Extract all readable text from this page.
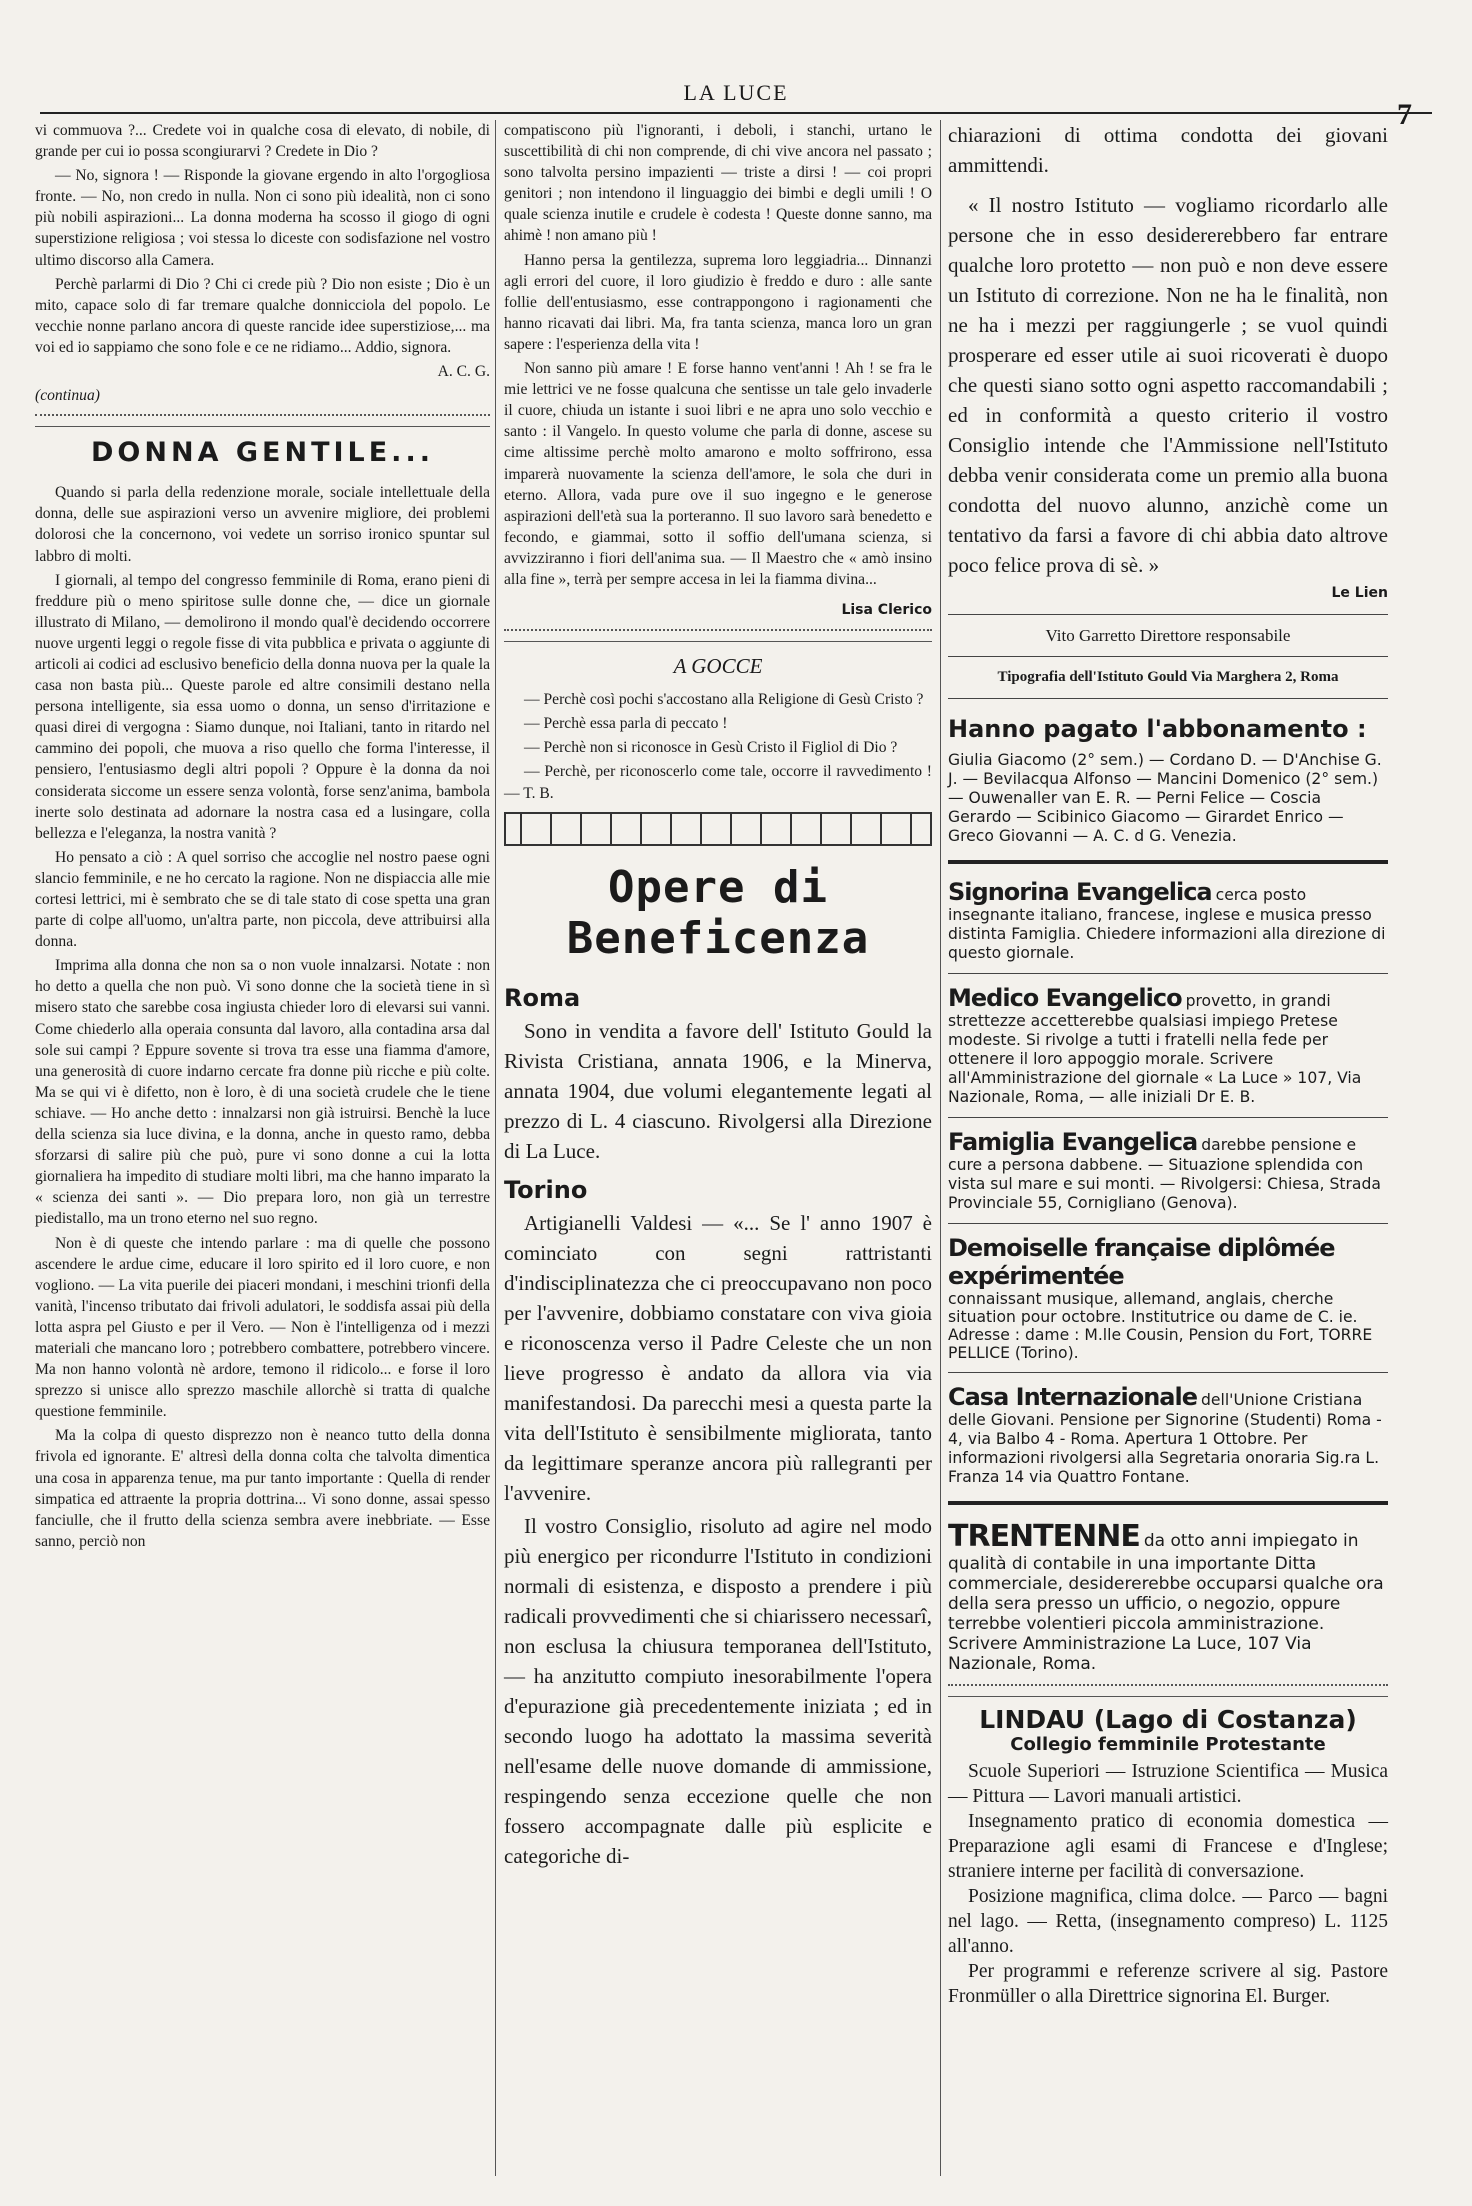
LA LUCE
7

vi commuova ?... Credete voi in qualche cosa di elevato, di nobile, di grande per cui io possa scongiurarvi ? Credete in Dio ?

— No, signora ! — Risponde la giovane ergendo in alto l'orgogliosa fronte. — No, non credo in nulla. Non ci sono più idealità, non ci sono più nobili aspirazioni... La donna moderna ha scosso il giogo di ogni superstizione religiosa ; voi stessa lo diceste con sodisfazione nel vostro ultimo discorso alla Camera.

Perchè parlarmi di Dio ? Chi ci crede più ? Dio non esiste ; Dio è un mito, capace solo di far tremare qualche donnicciola del popolo. Le vecchie nonne parlano ancora di queste rancide idee superstiziose,... ma voi ed io sappiamo che sono fole e ce ne ridiamo... Addio, signora.

A. C. G.

(continua)

DONNA GENTILE...

Quando si parla della redenzione morale, sociale intellettuale della donna, delle sue aspirazioni verso un avvenire migliore, dei problemi dolorosi che la concernono, voi vedete un sorriso ironico spuntar sul labbro di molti.

I giornali, al tempo del congresso femminile di Roma, erano pieni di freddure più o meno spiritose sulle donne che, — dice un giornale illustrato di Milano, — demolirono il mondo qual'è decidendo occorrere nuove urgenti leggi o regole fisse di vita pubblica e privata o aggiunte di articoli ai codici ad esclusivo beneficio della donna nuova per la quale la casa non basta più... Queste parole ed altre consimili destano nella persona intelligente, sia essa uomo o donna, un senso d'irritazione e quasi direi di vergogna : Siamo dunque, noi Italiani, tanto in ritardo nel cammino dei popoli, che muova a riso quello che forma l'interesse, il pensiero, l'entusiasmo degli altri popoli ? Oppure è la donna da noi considerata siccome un essere senza volontà, forse senz'anima, bambola inerte solo destinata ad adornare la nostra casa ed a lusingare, colla bellezza e l'eleganza, la nostra vanità ?

Ho pensato a ciò : A quel sorriso che accoglie nel nostro paese ogni slancio femminile, e ne ho cercato la ragione. Non ne dispiaccia alle mie cortesi lettrici, mi è sembrato che se di tale stato di cose spetta una gran parte di colpe all'uomo, un'altra parte, non piccola, deve attribuirsi alla donna.

Imprima alla donna che non sa o non vuole innalzarsi. Notate : non ho detto a quella che non può. Vi sono donne che la società tiene in sì misero stato che sarebbe cosa ingiusta chieder loro di elevarsi sui vanni. Come chiederlo alla operaia consunta dal lavoro, alla contadina arsa dal sole sui campi ? Eppure sovente si trova tra esse una fiamma d'amore, una generosità di cuore indarno cercate fra donne più ricche e più colte. Ma se qui vi è difetto, non è loro, è di una società crudele che le tiene schiave. — Ho anche detto : innalzarsi non già istruirsi. Benchè la luce della scienza sia luce divina, e la donna, anche in questo ramo, debba sforzarsi di salire più che può, pure vi sono donne a cui la lotta giornaliera ha impedito di studiare molti libri, ma che hanno imparato la « scienza dei santi ». — Dio prepara loro, non già un terrestre piedistallo, ma un trono eterno nel suo regno.

Non è di queste che intendo parlare : ma di quelle che possono ascendere le ardue cime, educare il loro spirito ed il loro cuore, e non vogliono. — La vita puerile dei piaceri mondani, i meschini trionfi della vanità, l'incenso tributato dai frivoli adulatori, le soddisfa assai più della lotta aspra pel Giusto e per il Vero. — Non è l'intelligenza od i mezzi materiali che mancano loro ; potrebbero combattere, potrebbero vincere. Ma non hanno volontà nè ardore, temono il ridicolo... e forse il loro sprezzo si unisce allo sprezzo maschile allorchè si tratta di qualche questione femminile.

Ma la colpa di questo disprezzo non è neanco tutto della donna frivola ed ignorante. E' altresì della donna colta che talvolta dimentica una cosa in apparenza tenue, ma pur tanto importante : Quella di render simpatica ed attraente la propria dottrina... Vi sono donne, assai spesso fanciulle, che il frutto della scienza sembra avere inebbriate. — Esse sanno, perciò non

compatiscono più l'ignoranti, i deboli, i stanchi, urtano le suscettibilità di chi non comprende, di chi vive ancora nel passato ; sono talvolta persino impazienti — triste a dirsi ! — coi propri genitori ; non intendono il linguaggio dei bimbi e degli umili ! O quale scienza inutile e crudele è codesta ! Queste donne sanno, ma ahimè ! non amano più !

Hanno persa la gentilezza, suprema loro leggiadria... Dinnanzi agli errori del cuore, il loro giudizio è freddo e duro : alle sante follie dell'entusiasmo, esse contrappongono i ragionamenti che hanno ricavati dai libri. Ma, fra tanta scienza, manca loro un gran sapere : l'esperienza della vita !

Non sanno più amare ! E forse hanno vent'anni ! Ah ! se fra le mie lettrici ve ne fosse qualcuna che sentisse un tale gelo invaderle il cuore, chiuda un istante i suoi libri e ne apra uno solo vecchio e santo : il Vangelo. In questo volume che parla di donne, ascese su cime altissime perchè molto amarono e molto soffrirono, essa imparerà nuovamente la scienza dell'amore, le sola che duri in eterno. Allora, vada pure ove il suo ingegno e le generose aspirazioni dell'età sua la porteranno. Il suo lavoro sarà benedetto e fecondo, e giammai, sotto il soffio dell'umana scienza, si avvizziranno i fiori dell'anima sua. — Il Maestro che « amò insino alla fine », terrà per sempre accesa in lei la fiamma divina...

Lisa Clerico

A GOCCE

— Perchè così pochi s'accostano alla Religione di Gesù Cristo ?

— Perchè essa parla di peccato !

— Perchè non si riconosce in Gesù Cristo il Figliol di Dio ?

— Perchè, per riconoscerlo come tale, occorre il ravvedimento ! — T. B.

Opere di Beneficenza
Roma

Sono in vendita a favore dell' Istituto Gould la Rivista Cristiana, annata 1906, e la Minerva, annata 1904, due volumi elegantemente legati al prezzo di L. 4 ciascuno. Rivolgersi alla Direzione di La Luce.

Torino

Artigianelli Valdesi — «... Se l' anno 1907 è cominciato con segni rattristanti d'indisciplinatezza che ci preoccupavano non poco per l'avvenire, dobbiamo constatare con viva gioia e riconoscenza verso il Padre Celeste che un non lieve progresso è andato da allora via via manifestandosi. Da parecchi mesi a questa parte la vita dell'Istituto è sensibilmente migliorata, tanto da legittimare speranze ancora più rallegranti per l'avvenire.

Il vostro Consiglio, risoluto ad agire nel modo più energico per ricondurre l'Istituto in condizioni normali di esistenza, e disposto a prendere i più radicali provvedimenti che si chiarissero necessarî, non esclusa la chiusura temporanea dell'Istituto, — ha anzitutto compiuto inesorabilmente l'opera d'epurazione già precedentemente iniziata ; ed in secondo luogo ha adottato la massima severità nell'esame delle nuove domande di ammissione, respingendo senza eccezione quelle che non fossero accompagnate dalle più esplicite e categoriche di-

chiarazioni di ottima condotta dei giovani ammittendi.

« Il nostro Istituto — vogliamo ricordarlo alle persone che in esso desidererebbero far entrare qualche loro protetto — non può e non deve essere un Istituto di correzione. Non ne ha le finalità, non ne ha i mezzi per raggiungerle ; se vuol quindi prosperare ed esser utile ai suoi ricoverati è duopo che questi siano sotto ogni aspetto raccomandabili ; ed in conformità a questo criterio il vostro Consiglio intende che l'Ammissione nell'Istituto debba venir considerata come un premio alla buona condotta del nuovo alunno, anzichè come un tentativo da farsi a favore di chi abbia dato altrove poco felice prova di sè. »

Le Lien

Vito Garretto Direttore responsabile

Tipografia dell'Istituto Gould Via Marghera 2, Roma

Hanno pagato l'abbonamento :

Giulia Giacomo (2° sem.) — Cordano D. — D'Anchise G. J. — Bevilacqua Alfonso — Mancini Domenico (2° sem.) — Ouwenaller van E. R. — Perni Felice — Coscia Gerardo — Scibinico Giacomo — Girardet Enrico — Greco Giovanni — A. C. d G. Venezia.

Signorina Evangelica cerca posto insegnante italiano, francese, inglese e musica presso distinta Famiglia. Chiedere informazioni alla direzione di questo giornale.
Medico Evangelico provetto, in grandi strettezze accetterebbe qualsiasi impiego Pretese modeste. Si rivolge a tutti i fratelli nella fede per ottenere il loro appoggio morale. Scrivere all'Amministrazione del giornale « La Luce » 107, Via Nazionale, Roma, — alle iniziali Dr E. B.
Famiglia Evangelica darebbe pensione e cure a persona dabbene. — Situazione splendida con vista sul mare e sui monti. — Rivolgersi: Chiesa, Strada Provinciale 55, Cornigliano (Genova).
Demoiselle française diplômée expérimentée
connaissant musique, allemand, anglais, cherche situation pour octobre. Institutrice ou dame de C. ie. Adresse : dame : M.lle Cousin, Pension du Fort, TORRE PELLICE (Torino).
Casa Internazionale dell'Unione Cristiana delle Giovani. Pensione per Signorine (Studenti) Roma - 4, via Balbo 4 - Roma. Apertura 1 Ottobre. Per informazioni rivolgersi alla Segretaria onoraria Sig.ra L. Franza 14 via Quattro Fontane.
TRENTENNE da otto anni impiegato in qualità di contabile in una importante Ditta commerciale, desidererebbe occuparsi qualche ora della sera presso un ufficio, o negozio, oppure terrebbe volentieri piccola amministrazione. Scrivere Amministrazione La Luce, 107 Via Nazionale, Roma.
LINDAU (Lago di Costanza)
Collegio femminile Protestante

Scuole Superiori — Istruzione Scientifica — Musica — Pittura — Lavori manuali artistici.

Insegnamento pratico di economia domestica — Preparazione agli esami di Francese e d'Inglese; straniere interne per facilità di conversazione.

Posizione magnifica, clima dolce. — Parco — bagni nel lago. — Retta, (insegnamento compreso) L. 1125 all'anno.

Per programmi e referenze scrivere al sig. Pastore Fronmüller o alla Direttrice signorina El. Burger.
